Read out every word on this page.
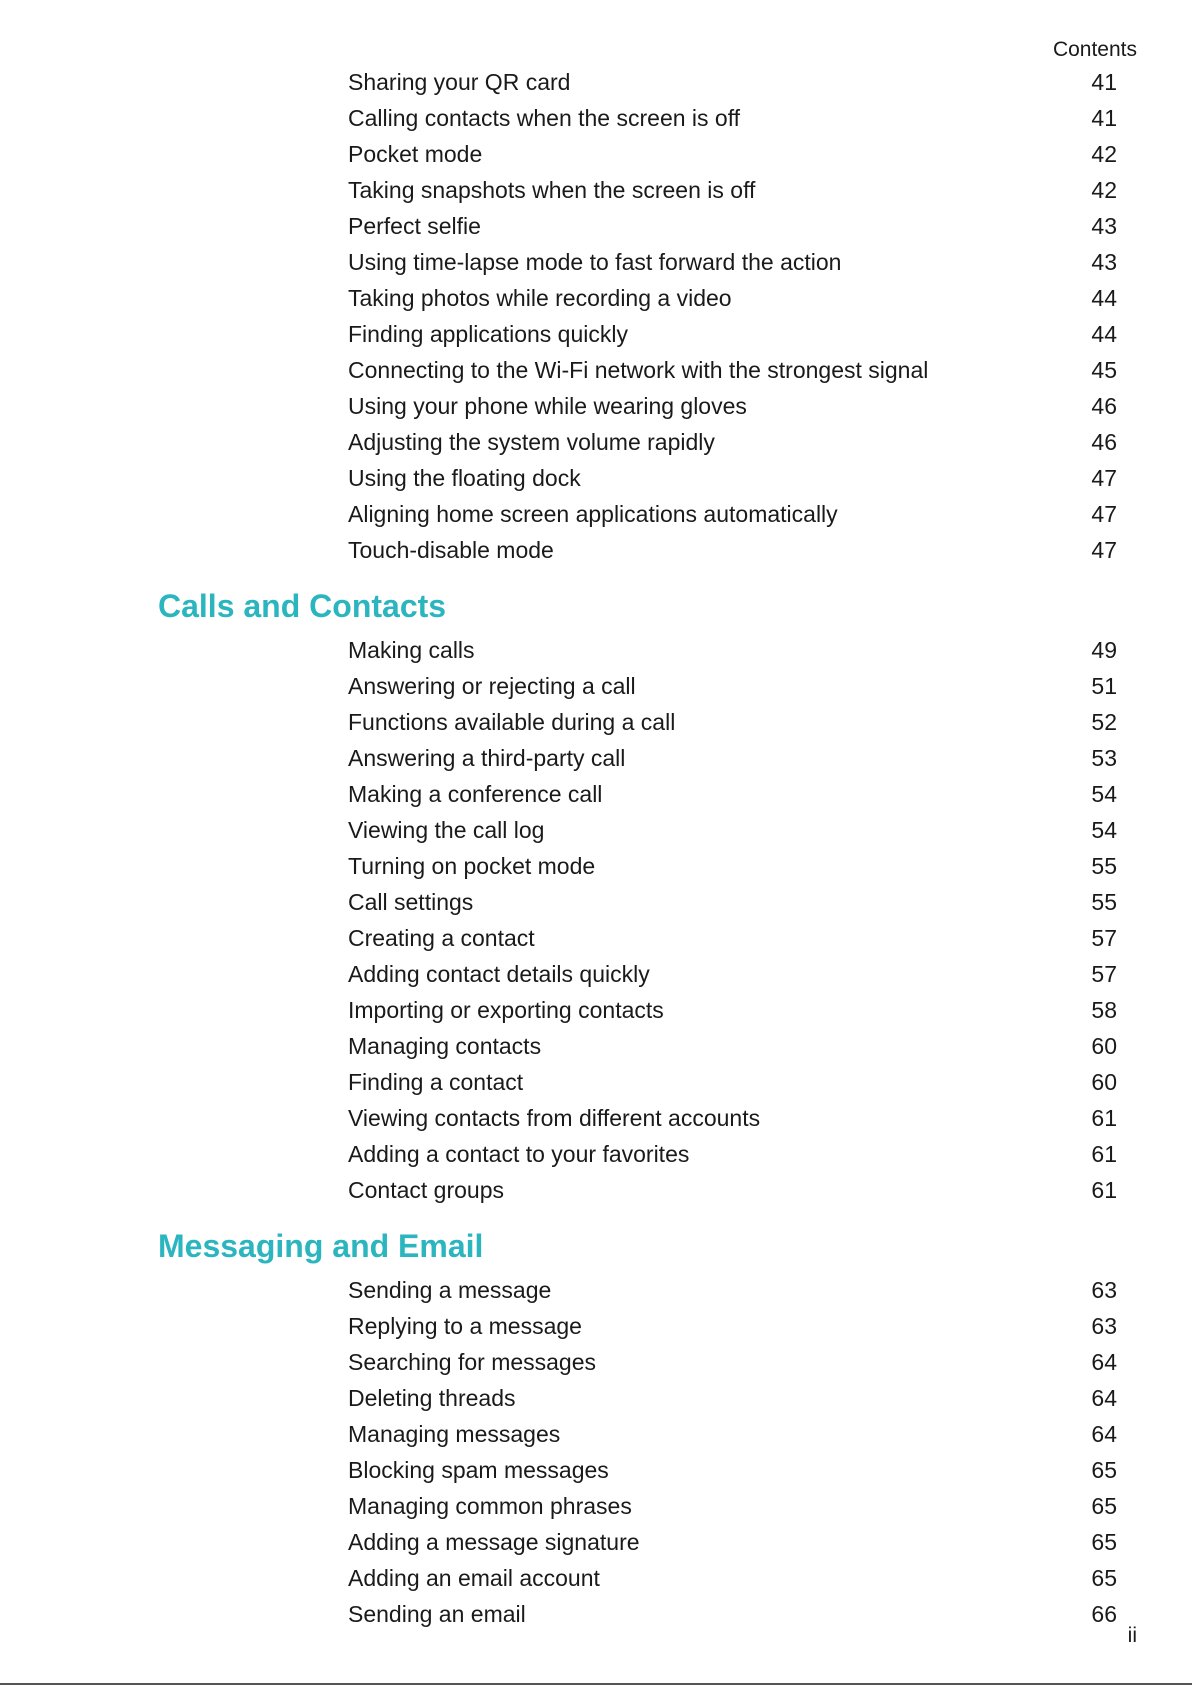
Contents
Sharing your QR card	41
Calling contacts when the screen is off	41
Pocket mode	42
Taking snapshots when the screen is off	42
Perfect selfie	43
Using time-lapse mode to fast forward the action	43
Taking photos while recording a video	44
Finding applications quickly	44
Connecting to the Wi-Fi network with the strongest signal	45
Using your phone while wearing gloves	46
Adjusting the system volume rapidly	46
Using the floating dock	47
Aligning home screen applications automatically	47
Touch-disable mode	47
Calls and Contacts
Making calls	49
Answering or rejecting a call	51
Functions available during a call	52
Answering a third-party call	53
Making a conference call	54
Viewing the call log	54
Turning on pocket mode	55
Call settings	55
Creating a contact	57
Adding contact details quickly	57
Importing or exporting contacts	58
Managing contacts	60
Finding a contact	60
Viewing contacts from different accounts	61
Adding a contact to your favorites	61
Contact groups	61
Messaging and Email
Sending a message	63
Replying to a message	63
Searching for messages	64
Deleting threads	64
Managing messages	64
Blocking spam messages	65
Managing common phrases	65
Adding a message signature	65
Adding an email account	65
Sending an email	66
ii
